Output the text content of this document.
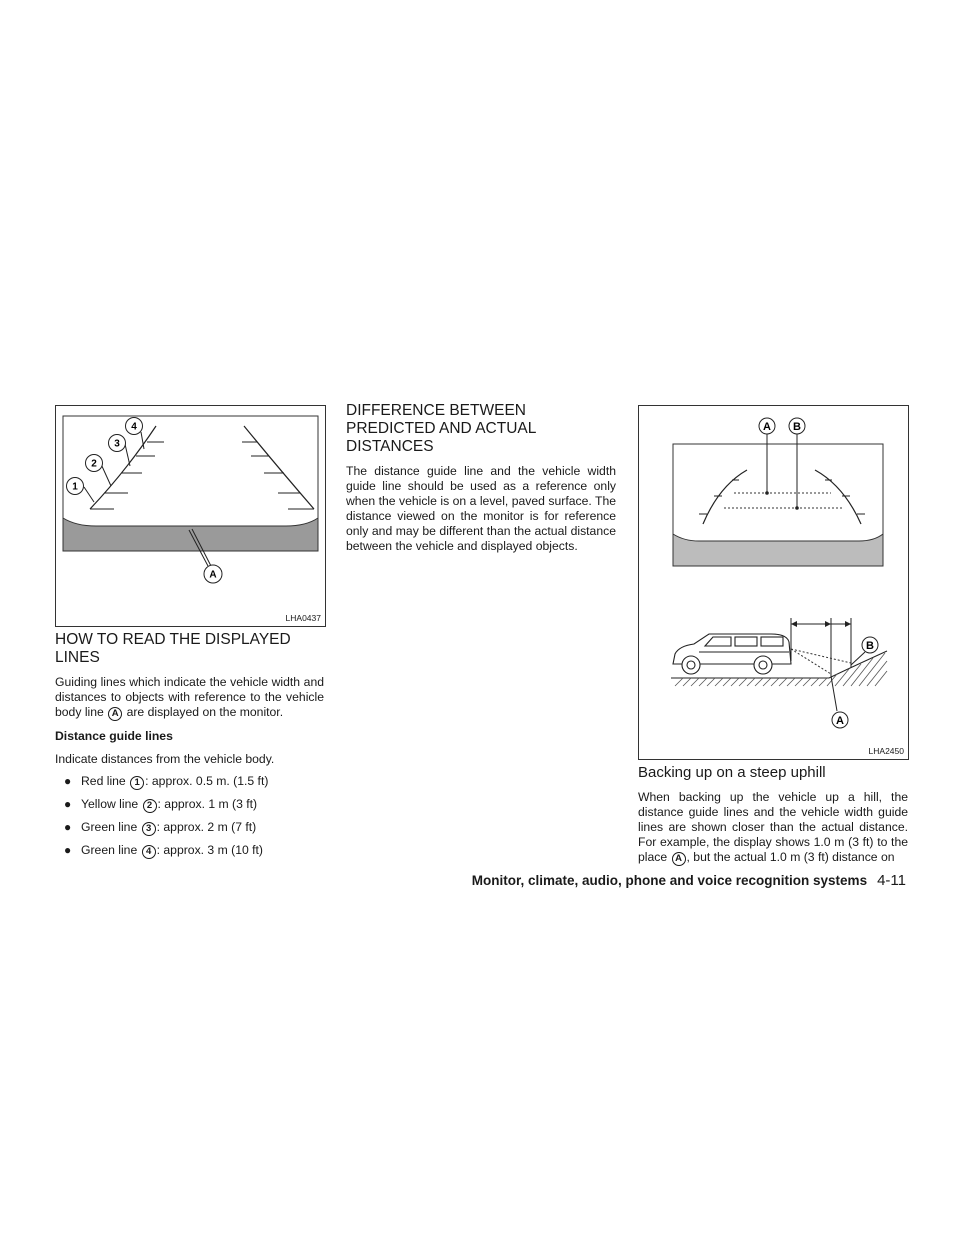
1
2
3
4
A
LHA0437
HOW TO READ THE DISPLAYED LINES

Guiding lines which indicate the vehicle width and distances to objects with reference to the vehicle body line A are displayed on the monitor.

Distance guide lines

Indicate distances from the vehicle body.

● Red line 1 : approx. 0.5 m. (1.5 ft)
● Yellow line 2 : approx. 1 m (3 ft)
● Green line 3 : approx. 2 m (7 ft)
● Green line 4 : approx. 3 m (10 ft)
DIFFERENCE BETWEEN
PREDICTED AND ACTUAL
DISTANCES

The distance guide line and the vehicle width guide line should be used as a reference only when the vehicle is on a level, paved surface. The distance viewed on the monitor is for reference only and may be different than the actual distance between the vehicle and displayed objects.

A B
B
A
LHA2450
Backing up on a steep uphill

When backing up the vehicle up a hill, the distance guide lines and the vehicle width guide lines are shown closer than the actual distance. For example, the display shows 1.0 m (3 ft) to the place A , but the actual 1.0 m (3 ft) distance on

Monitor, climate, audio, phone and voice recognition systems 4-11
